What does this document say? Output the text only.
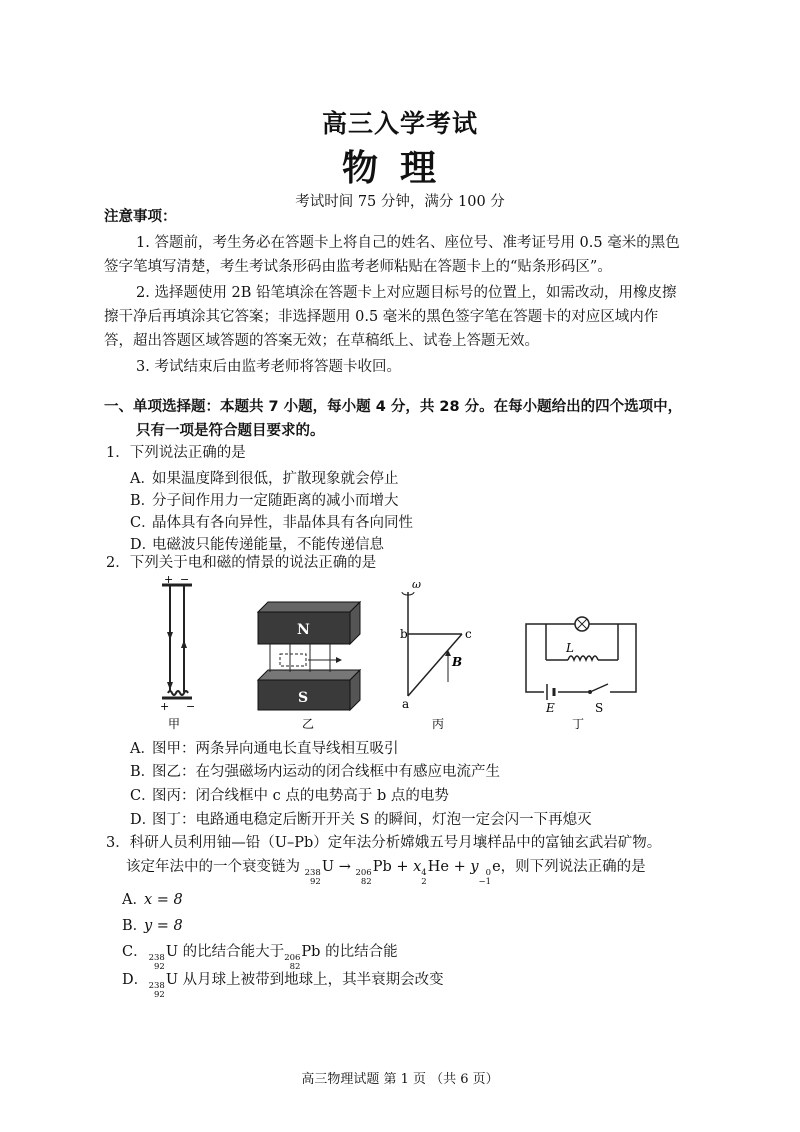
高三入学考试
物理
考试时间 75 分钟，满分 100 分
注意事项：
1. 答题前，考生务必在答题卡上将自己的姓名、座位号、准考证号用 0.5 毫米的黑色
签字笔填写清楚，考生考试条形码由监考老师粘贴在答题卡上的“贴条形码区”。
2. 选择题使用 2B 铅笔填涂在答题卡上对应题目标号的位置上，如需改动，用橡皮擦
擦干净后再填涂其它答案；非选择题用 0.5 毫米的黑色签字笔在答题卡的对应区域内作
答，超出答题区域答题的答案无效；在草稿纸上、试卷上答题无效。
3. 考试结束后由监考老师将答题卡收回。
一、单项选择题：本题共 7 小题，每小题 4 分，共 28 分。在每小题给出的四个选项中，
只有一项是符合题目要求的。
1．下列说法正确的是
A．如果温度降到很低，扩散现象就会停止
B．分子间作用力一定随距离的减小而增大
C．晶体具有各向异性，非晶体具有各向同性
D．电磁波只能传递能量，不能传递信息
2．下列关于电和磁的情景的说法正确的是
+ −
+ −
甲
N
S
乙
ω
b	c
a
B
丙
L
E	S
丁
A．图甲：两条异向通电长直导线相互吸引
B．图乙：在匀强磁场内运动的闭合线框中有感应电流产生
C．图丙：闭合线框中 c 点的电势高于 b 点的电势
D．图丁：电路通电稳定后断开开关 S 的瞬间，灯泡一定会闪一下再熄灭
3．科研人员利用铀—铅（U–Pb）定年法分析嫦娥五号月壤样品中的富铀玄武岩矿物。
该定年法中的一个衰变链为 238
92
U → 206
82
Pb + x 4
2
He + y 0
−1
e，则下列说法正确的是
A．x = 8
B．y = 8
C． 238
92
U 的比结合能大于 206
82
Pb 的比结合能
D． 238
92
U 从月球上被带到地球上，其半衰期会改变
高三物理试题 第 1 页 （共 6 页）
